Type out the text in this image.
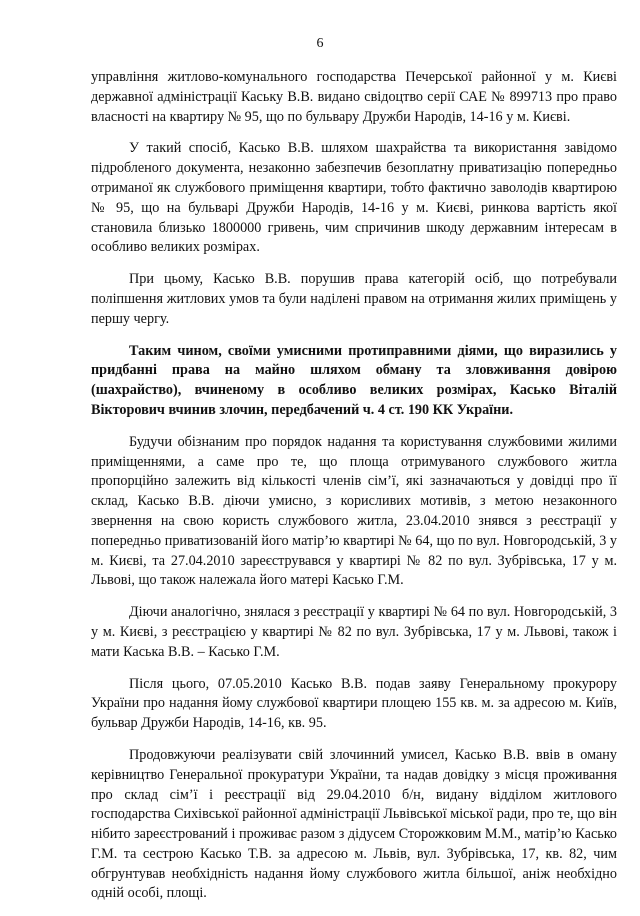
6

управління житлово-комунального господарства Печерської районної у м. Києві державної адміністрації Каську В.В. видано свідоцтво серії САЕ № 899713 про право власності на квартиру № 95, що по бульвару Дружби Народів, 14-16 у м. Києві.

У такий спосіб, Касько В.В. шляхом шахрайства та використання завідомо підробленого документа, незаконно забезпечив безоплатну приватизацію попередньо отриманої як службового приміщення квартири, тобто фактично заволодів квартирою № 95, що на бульварі Дружби Народів, 14-16 у м. Києві, ринкова вартість якої становила близько 1800000 гривень, чим спричинив шкоду державним інтересам в особливо великих розмірах.

При цьому, Касько В.В. порушив права категорій осіб, що потребували поліпшення житлових умов та були наділені правом на отримання жилих приміщень у першу чергу.

Таким чином, своїми умисними протиправними діями, що виразились у придбанні права на майно шляхом обману та зловживання довірою (шахрайство), вчиненому в особливо великих розмірах, Касько Віталій Вікторович вчинив злочин, передбачений ч. 4 ст. 190 КК України.

Будучи обізнаним про порядок надання та користування службовими жилими приміщеннями, а саме про те, що площа отримуваного службового житла пропорційно залежить від кількості членів сім’ї, які зазначаються у довідці про її склад, Касько В.В. діючи умисно, з корисливих мотивів, з метою незаконного звернення на свою користь службового житла, 23.04.2010 знявся з реєстрації у попередньо приватизованій його матір’ю квартирі № 64, що по вул. Новгородській, 3 у м. Києві, та 27.04.2010 зареєструвався у квартирі № 82 по вул. Зубрівська, 17 у м. Львові, що також належала його матері Касько Г.М.

Діючи аналогічно, знялася з реєстрації у квартирі № 64 по вул. Новгородській, 3 у м. Києві, з реєстрацією у квартирі № 82 по вул. Зубрівська, 17 у м. Львові, також і мати Каська В.В. – Касько Г.М.

Після цього, 07.05.2010 Касько В.В. подав заяву Генеральному прокурору України про надання йому службової квартири площею 155 кв. м. за адресою м. Київ, бульвар Дружби Народів, 14-16, кв. 95.

Продовжуючи реалізувати свій злочинний умисел, Касько В.В. ввів в оману керівництво Генеральної прокуратури України, та надав довідку з місця проживання про склад сім’ї і реєстрації від 29.04.2010 б/н, видану відділом житлового господарства Сихівської районної адміністрації Львівської міської ради, про те, що він нібито зареєстрований і проживає разом з дідусем Сторожковим М.М., матір’ю Касько Г.М. та сестрою Касько Т.В. за адресою м. Львів, вул. Зубрівська, 17, кв. 82, чим обгрунтував необхідність надання йому службового житла більшої, аніж необхідно одній особі, площі.
